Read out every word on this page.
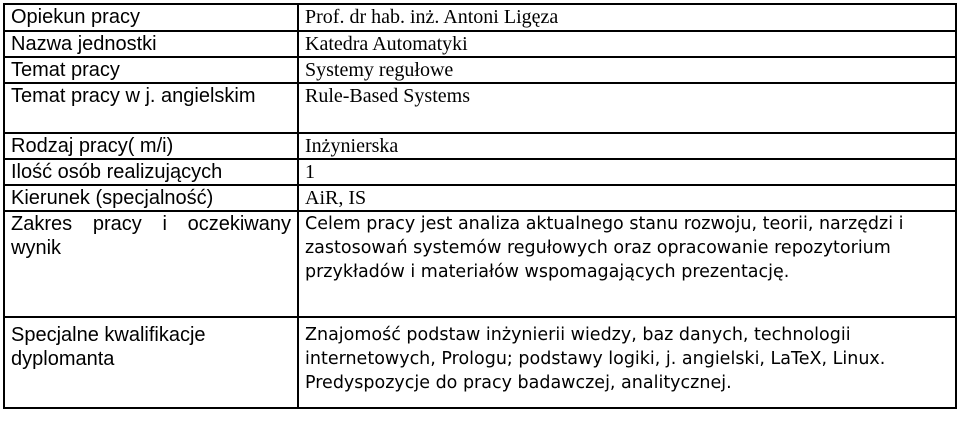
Opiekun pracy	Prof. dr hab. inż. Antoni Ligęza
Nazwa jednostki	Katedra Automatyki
Temat pracy	Systemy regułowe
Temat pracy w j. angielskim	Rule-Based Systems
Rodzaj pracy( m/i)	Inżynierska
Ilość osób realizujących	1
Kierunek (specjalność)	AiR, IS
Zakres pracy i oczekiwany wynik	Celem pracy jest analiza aktualnego stanu rozwoju, teorii, narzędzi i zastosowań systemów regułowych oraz opracowanie repozytorium przykładów i materiałów wspomagających prezentację.
Specjalne kwalifikacje dyplomanta	Znajomość podstaw inżynierii wiedzy, baz danych, technologii internetowych, Prologu; podstawy logiki, j. angielski, LaTeX, Linux. Predyspozycje do pracy badawczej, analitycznej.
